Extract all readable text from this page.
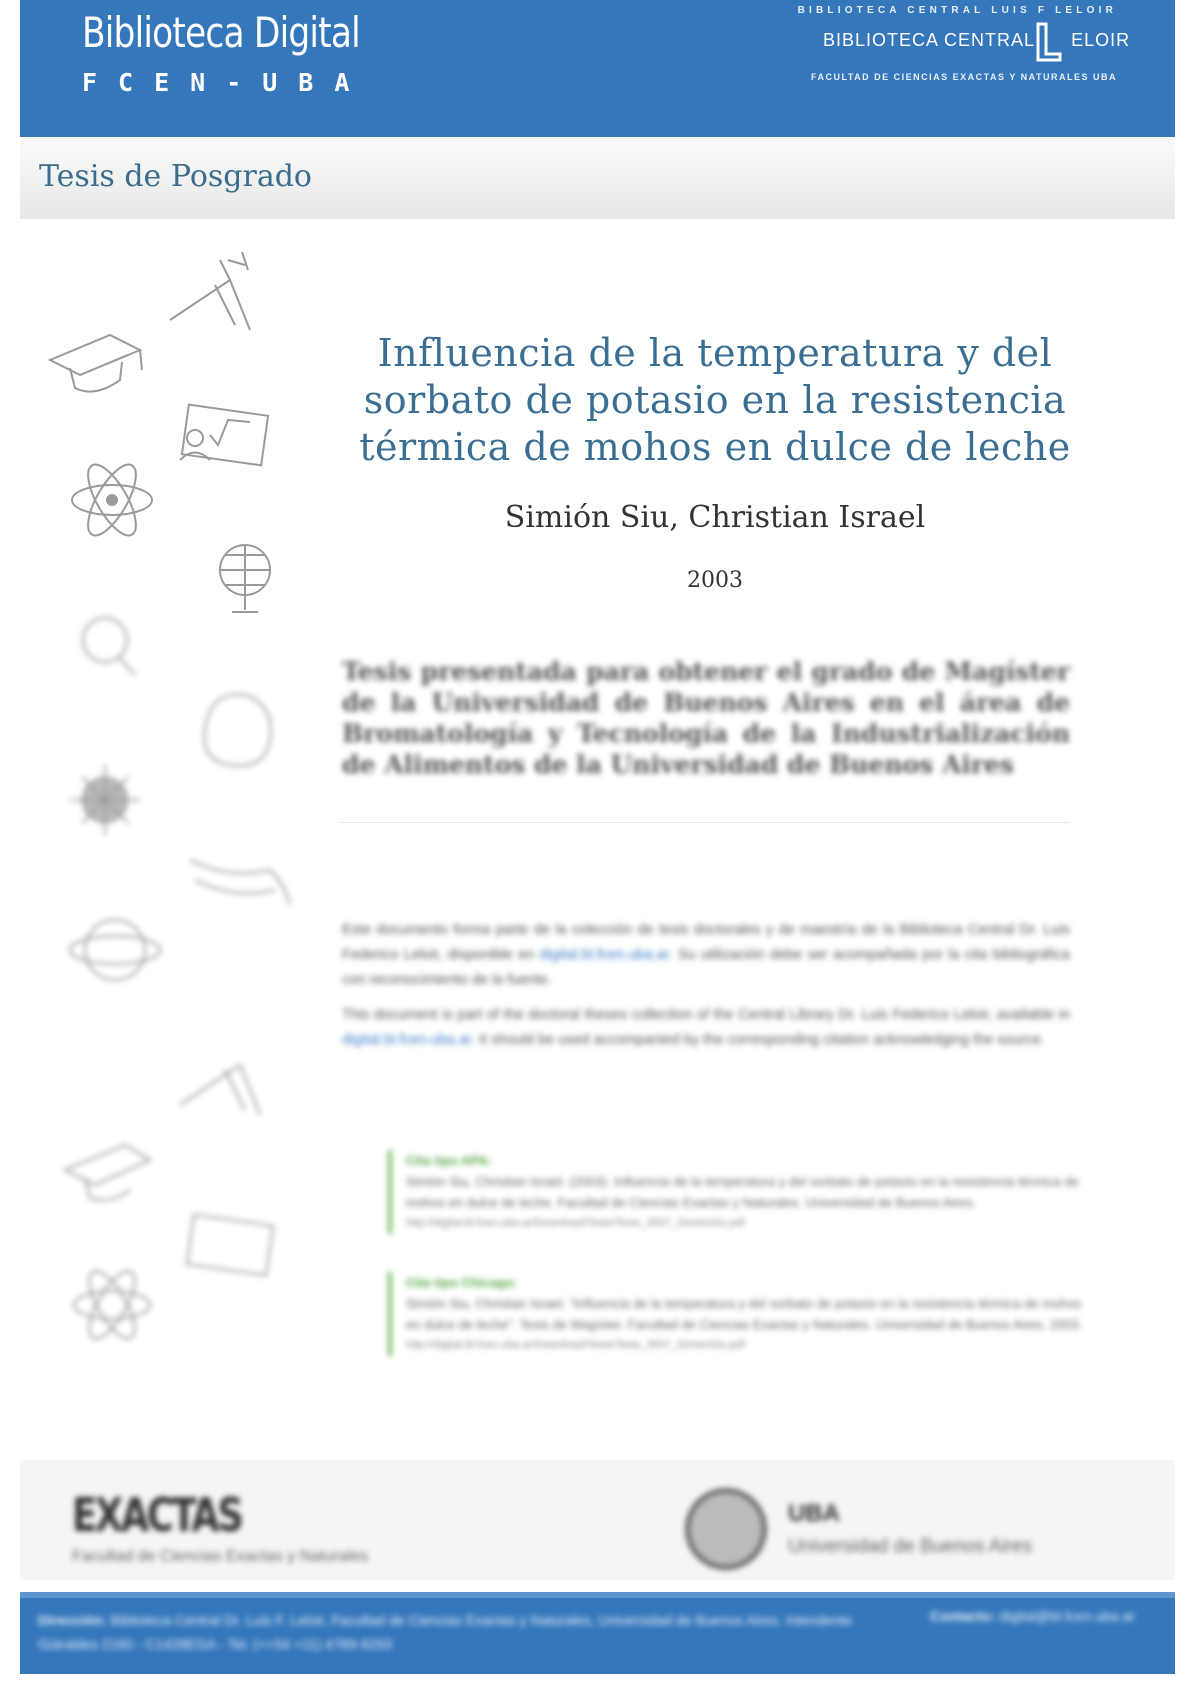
Biblioteca Digital
FCEN-UBA
BIBLIOTECA CENTRAL LUIS F LELOIR
BIBLIOTECA CENTRAL ELOIR
FACULTAD DE CIENCIAS EXACTAS Y NATURALES UBA
Tesis de Posgrado
Influencia de la temperatura y del
sorbato de potasio en la resistencia
térmica de mohos en dulce de leche
Simión Siu, Christian Israel
2003
Tesis presentada para obtener el grado de Magíster de la Universidad de Buenos Aires en el área de Bromatología y Tecnología de la Industrialización de Alimentos de la Universidad de Buenos Aires
Este documento forma parte de la colección de tesis doctorales y de maestría de la Biblioteca Central Dr. Luis Federico Leloir, disponible en digital.bl.fcen.uba.ar. Su utilización debe ser acompañada por la cita bibliográfica con reconocimiento de la fuente.
This document is part of the doctoral theses collection of the Central Library Dr. Luis Federico Leloir, available in digital.bl.fcen.uba.ar. It should be used accompanied by the corresponding citation acknowledging the source.
Cita tipo APA:
Simión Siu, Christian Israel. (2003). Influencia de la temperatura y del sorbato de potasio en la resistencia térmica de mohos en dulce de leche. Facultad de Ciencias Exactas y Naturales. Universidad de Buenos Aires.
http://digital.bl.fcen.uba.ar/Download/Tesis/Tesis_3557_SimionSiu.pdf
Cita tipo Chicago:
Simión Siu, Christian Israel. "Influencia de la temperatura y del sorbato de potasio en la resistencia térmica de mohos en dulce de leche". Tesis de Magíster. Facultad de Ciencias Exactas y Naturales. Universidad de Buenos Aires. 2003.
http://digital.bl.fcen.uba.ar/Download/Tesis/Tesis_3557_SimionSiu.pdf
EXACTAS
Facultad de Ciencias Exactas y Naturales
UBA
Universidad de Buenos Aires
Dirección: Biblioteca Central Dr. Luis F. Leloir, Facultad de Ciencias Exactas y Naturales, Universidad de Buenos Aires. Intendente Güiraldes 2160 - C1428EGA - Tel. (++54 +11) 4789-9293
Contacto: digital@bl.fcen.uba.ar
